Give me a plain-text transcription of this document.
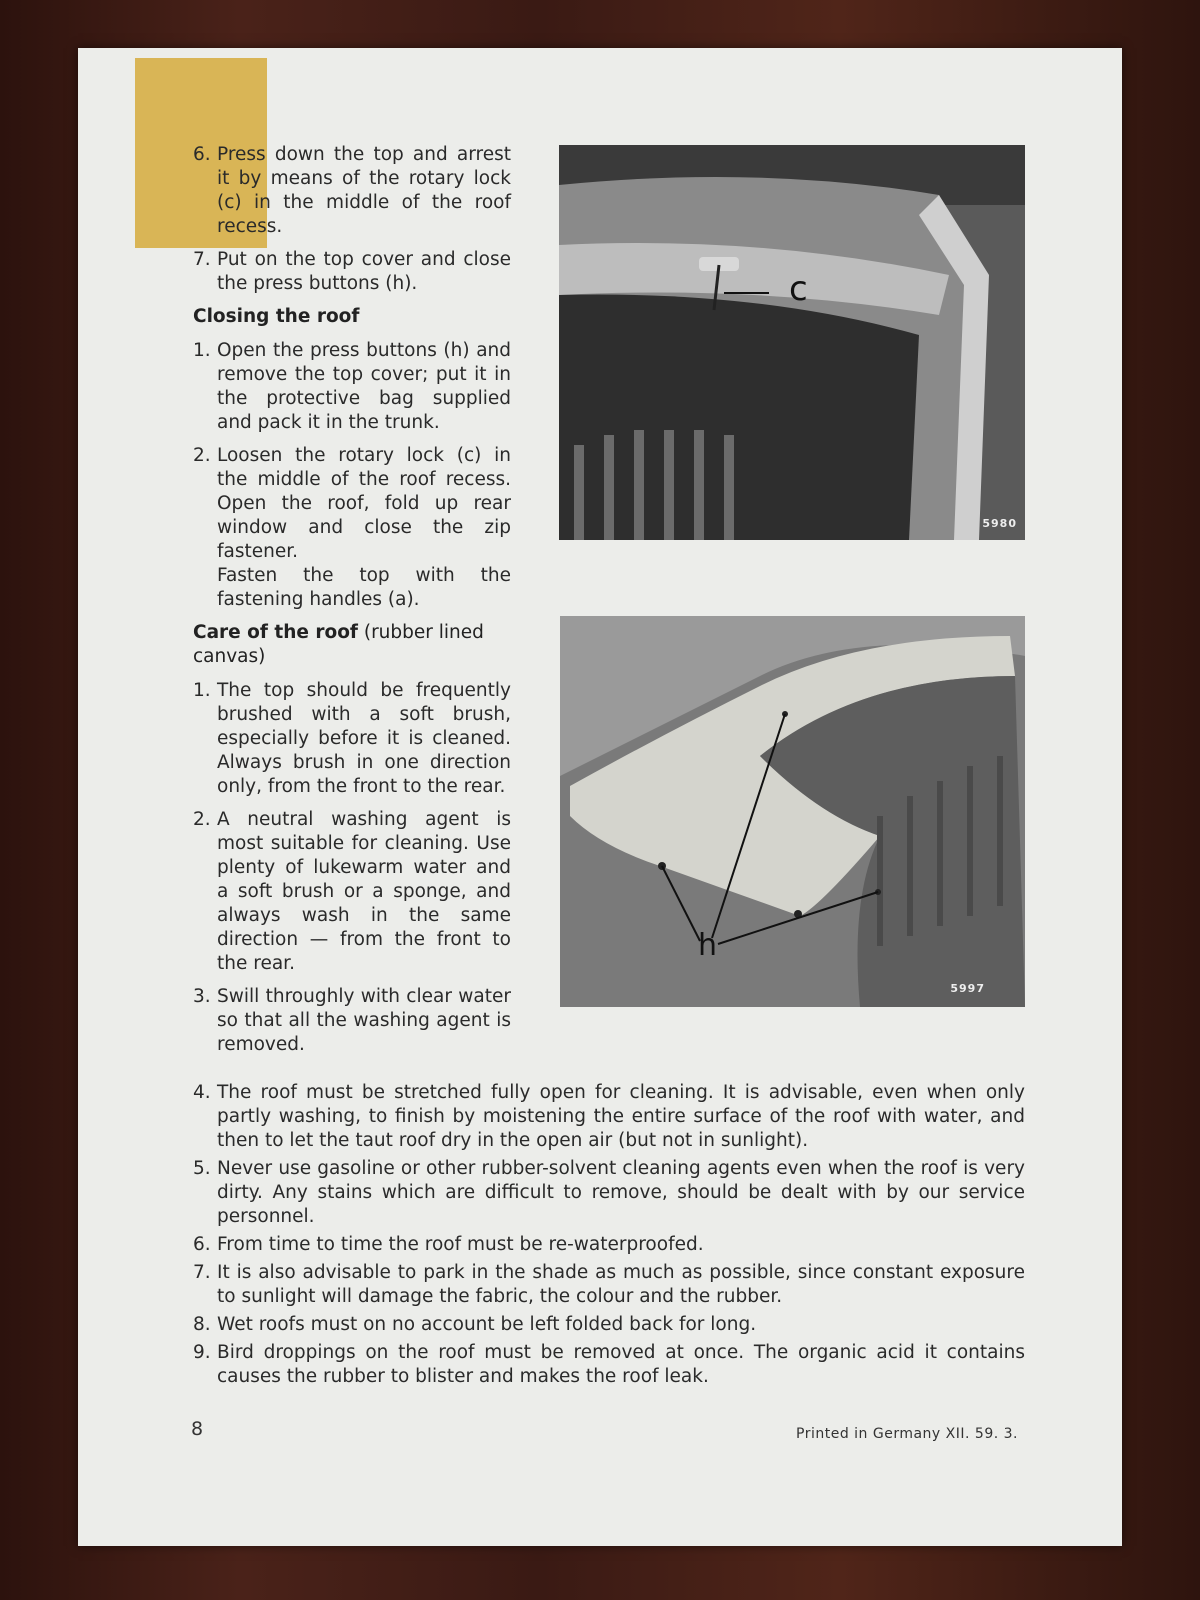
6. Press down the top and arrest it by means of the rotary lock (c) in the middle of the roof recess.
7. Put on the top cover and close the press buttons (h).
Closing the roof
1. Open the press buttons (h) and remove the top cover; put it in the protective bag supplied and pack it in the trunk.
2. Loosen the rotary lock (c) in the middle of the roof recess. Open the roof, fold up rear window and close the zip fastener.
Fasten the top with the fastening handles (a).
Care of the roof (rubber lined canvas)
1. The top should be frequently brushed with a soft brush, especially before it is cleaned. Always brush in one direction only, from the front to the rear.
2. A neutral washing agent is most suitable for cleaning. Use plenty of lukewarm water and a soft brush or a sponge, and always wash in the same direction — from the front to the rear.
3. Swill throughly with clear water so that all the washing agent is removed.
c
5980
h
5997
4. The roof must be stretched fully open for cleaning. It is advisable, even when only partly washing, to finish by moistening the entire surface of the roof with water, and then to let the taut roof dry in the open air (but not in sunlight).
5. Never use gasoline or other rubber-solvent cleaning agents even when the roof is very dirty. Any stains which are difficult to remove, should be dealt with by our service personnel.
6. From time to time the roof must be re-waterproofed.
7. It is also advisable to park in the shade as much as possible, since constant exposure to sunlight will damage the fabric, the colour and the rubber.
8. Wet roofs must on no account be left folded back for long.
9. Bird droppings on the roof must be removed at once. The organic acid it contains causes the rubber to blister and makes the roof leak.
8	Printed in Germany XII. 59. 3.
